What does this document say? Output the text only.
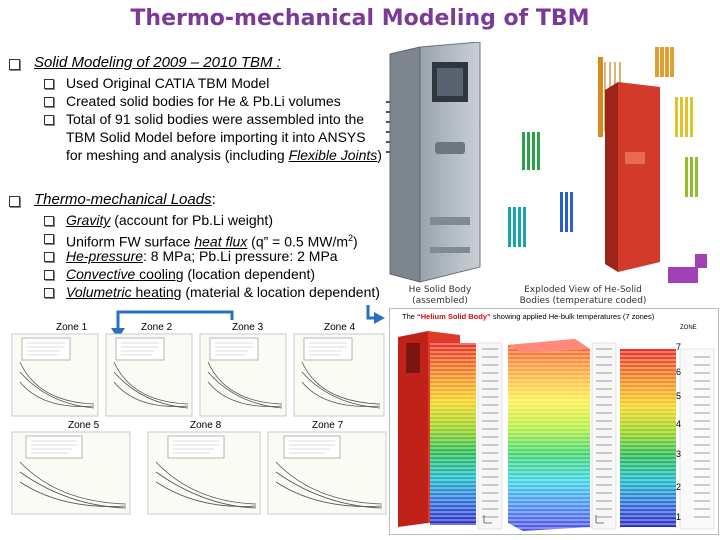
Thermo-mechanical Modeling of TBM
Solid Modeling of 2009 – 2010 TBM :
Used Original CATIA TBM Model
Created solid bodies for He & Pb.Li volumes
Total of 91 solid bodies were assembled into the
TBM Solid Model before importing it into ANSYS
for meshing and analysis (including Flexible Joints)
Thermo-mechanical Loads:
Gravity (account for Pb.Li weight)
Uniform FW surface heat flux (q” = 0.5 $MW/m^2$)
He-pressure: 8 MPa; Pb.Li pressure: 2 MPa
Convective cooling (location dependent)
Volumetric heating (material & location dependent)	He Solid Body
(assembled)
Exploded View of He-Solid
Bodies (temperature coded)
Zone 1	Zone 2	Zone 3	Zone 4
Zone 5	Zone 8	Zone 7
The “Helium Solid Body” showing applied He-bulk temperatures (7 zones)
ZONE
7
6
5
4
3
2
1
